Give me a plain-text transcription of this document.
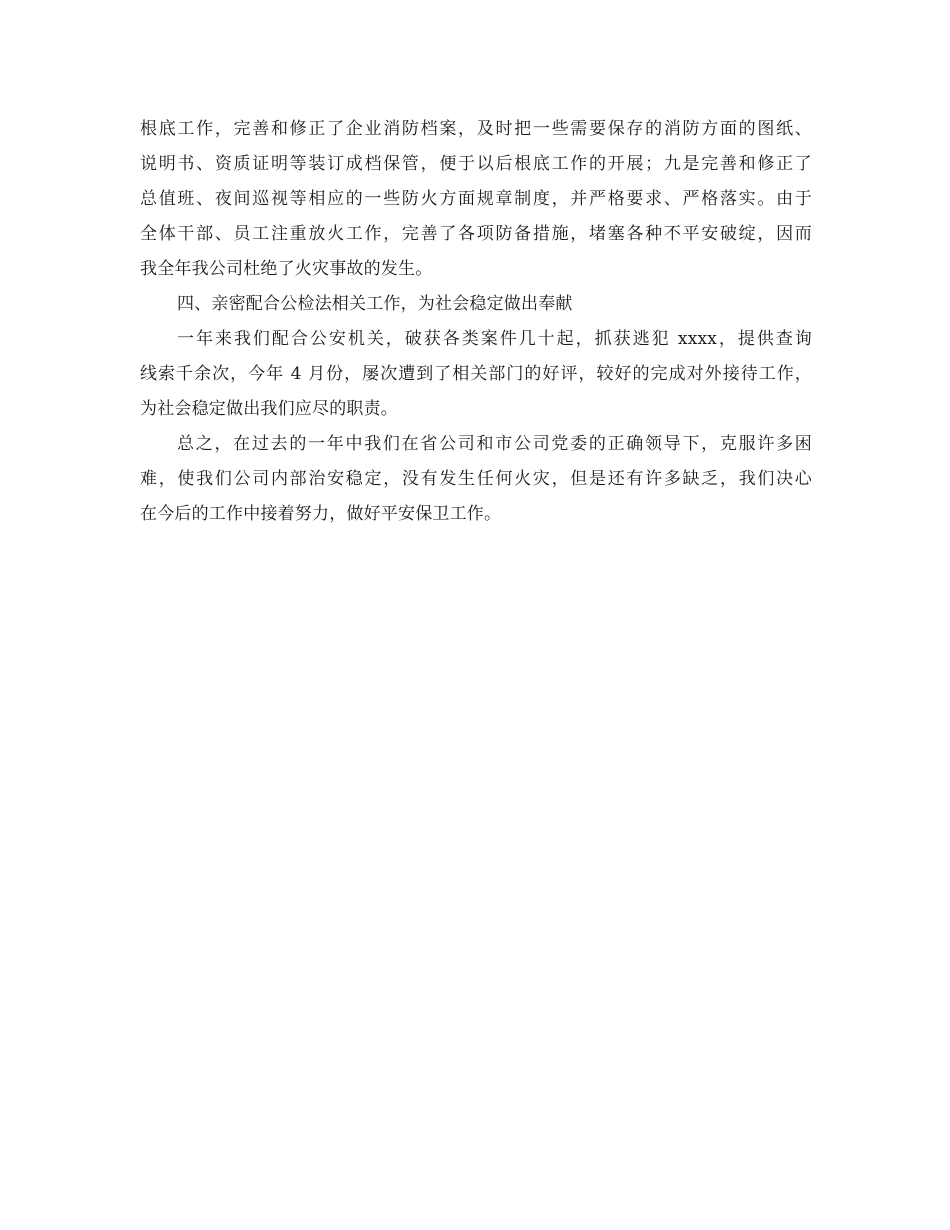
根底工作，完善和修正了企业消防档案，及时把一些需要保存的消防方面的图纸、
说明书、资质证明等装订成档保管，便于以后根底工作的开展；九是完善和修正了
总值班、夜间巡视等相应的一些防火方面规章制度，并严格要求、严格落实。由于
全体干部、员工注重放火工作，完善了各项防备措施，堵塞各种不平安破绽，因而
我全年我公司杜绝了火灾事故的发生。
四、亲密配合公检法相关工作，为社会稳定做出奉献
一年来我们配合公安机关，破获各类案件几十起，抓获逃犯 xxxx，提供查询
线索千余次，今年 4 月份，屡次遭到了相关部门的好评，较好的完成对外接待工作，
为社会稳定做出我们应尽的职责。
总之，在过去的一年中我们在省公司和市公司党委的正确领导下，克服许多困
难，使我们公司内部治安稳定，没有发生任何火灾，但是还有许多缺乏，我们决心
在今后的工作中接着努力，做好平安保卫工作。
